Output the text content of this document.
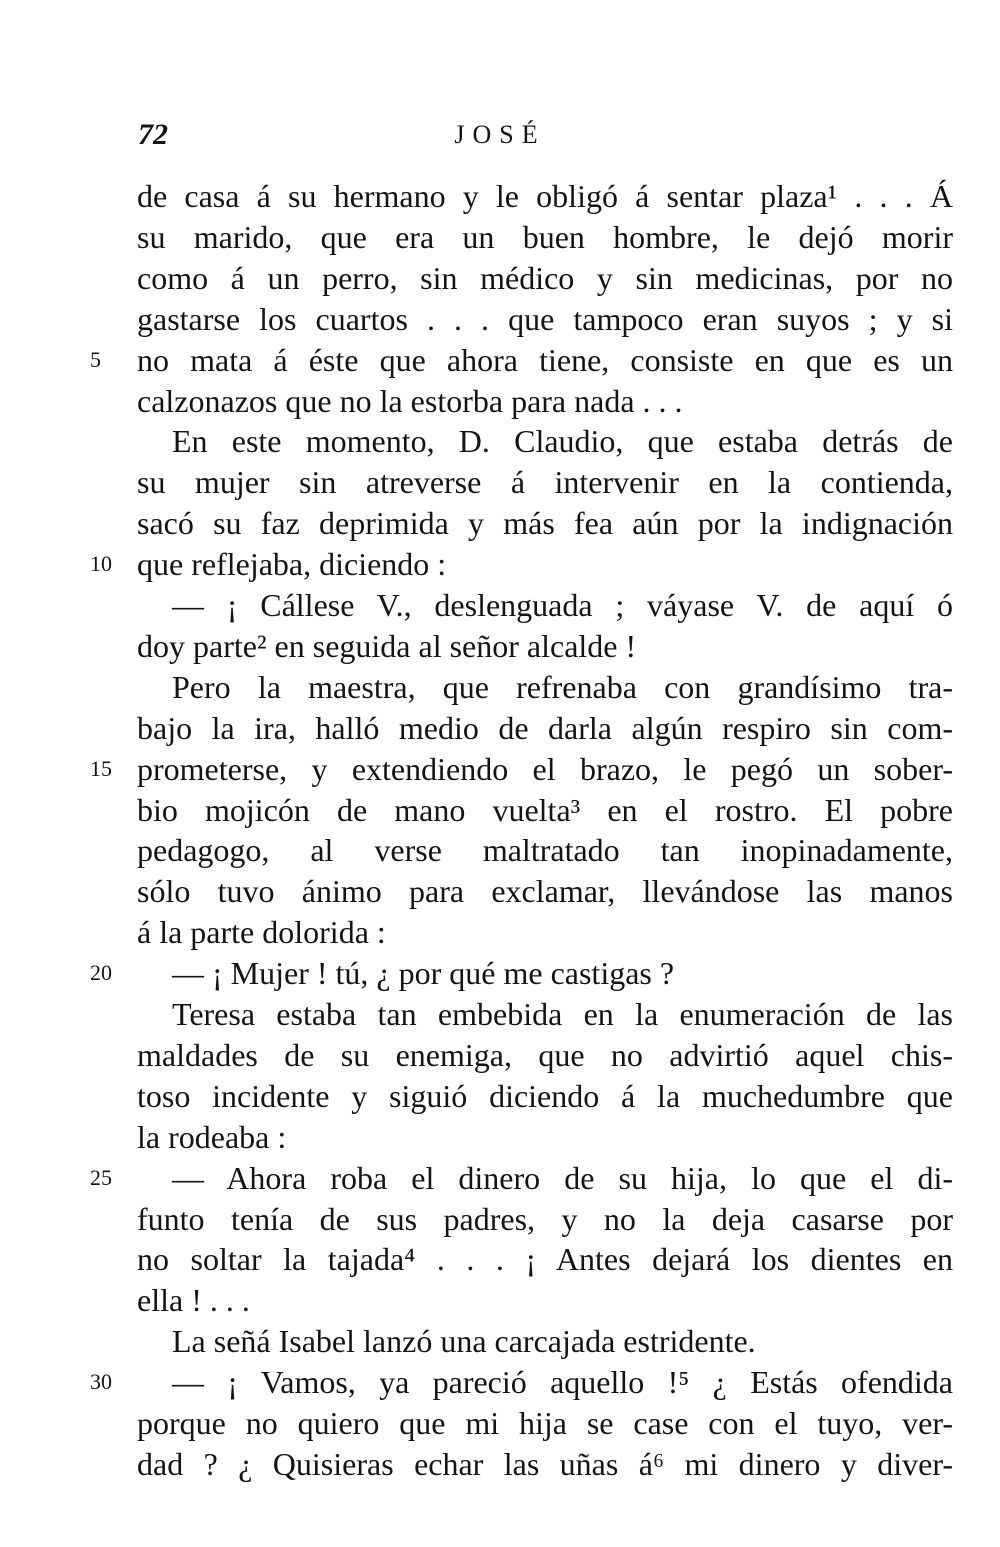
72	JOSÉ
de casa á su hermano y le obligó á sentar plaza¹ . . . Á
su marido, que era un buen hombre, le dejó morir
como á un perro, sin médico y sin medicinas, por no
gastarse los cuartos . . . que tampoco eran suyos ; y si
no mata á éste que ahora tiene, consiste en que es un
5
calzonazos que no la estorba para nada . . .
En este momento, D. Claudio, que estaba detrás de
su mujer sin atreverse á intervenir en la contienda,
sacó su faz deprimida y más fea aún por la indignación
que reflejaba, diciendo :
10
— ¡ Cállese V., deslenguada ; váyase V. de aquí ó
doy parte² en seguida al señor alcalde !
Pero la maestra, que refrenaba con grandísimo tra-
bajo la ira, halló medio de darla algún respiro sin com-
prometerse, y extendiendo el brazo, le pegó un sober-
15
bio mojicón de mano vuelta³ en el rostro. El pobre
pedagogo, al verse maltratado tan inopinadamente,
sólo tuvo ánimo para exclamar, llevándose las manos
á la parte dolorida :
— ¡ Mujer ! tú, ¿ por qué me castigas ?
20
Teresa estaba tan embebida en la enumeración de las
maldades de su enemiga, que no advirtió aquel chis-
toso incidente y siguió diciendo á la muchedumbre que
la rodeaba :
— Ahora roba el dinero de su hija, lo que el di-
25
funto tenía de sus padres, y no la deja casarse por
no soltar la tajada⁴ . . . ¡ Antes dejará los dientes en
ella ! . . .
La señá Isabel lanzó una carcajada estridente.
— ¡ Vamos, ya pareció aquello !⁵ ¿ Estás ofendida
30
porque no quiero que mi hija se case con el tuyo, ver-
dad ? ¿ Quisieras echar las uñas á⁶ mi dinero y diver-
